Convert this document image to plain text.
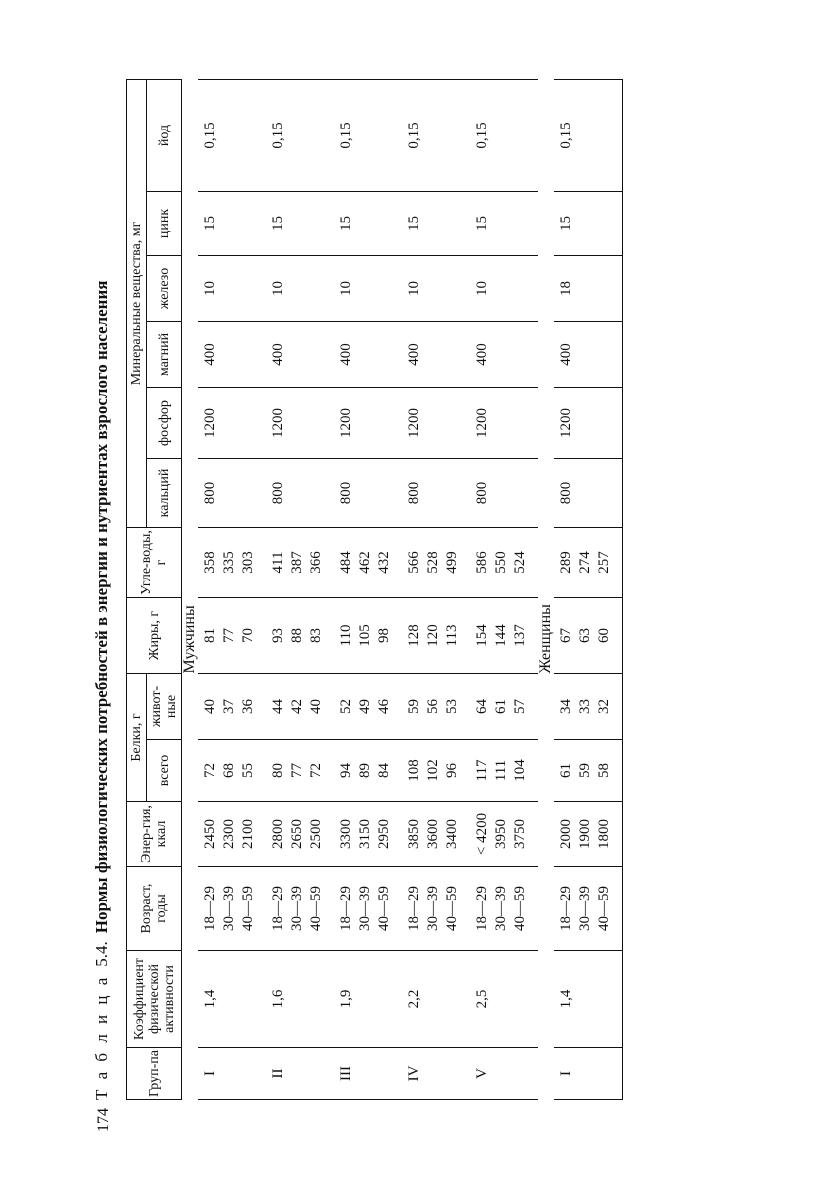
174
Т а б л и ц а5.4.Нормы физиологических потребностей в энергии и нутриентах взрослого населения
Груп-па	Коэффициент физической активности	Возраст, годы	Энер-гия, ккал	Белки, г		Жиры, г	Угле-воды, г	Минеральные вещества, мг					
				всего	живот-ные			кальций	фосфор	магний	железо	цинк	йод
						Мужчины							
I	1,4	18—29 30—39 40—59	2450 2300 2100	72 68 55	40 37 36	81 77 70	358 335 303	800	1200	400	10	15	0,15
II	1,6	18—29 30—39 40—59	2800 2650 2500	80 77 72	44 42 40	93 88 83	411 387 366	800	1200	400	10	15	0,15
III	1,9	18—29 30—39 40—59	3300 3150 2950	94 89 84	52 49 46	110 105 98	484 462 432	800	1200	400	10	15	0,15
IV	2,2	18—29 30—39 40—59	3850 3600 3400	108 102 96	59 56 53	128 120 113	566 528 499	800	1200	400	10	15	0,15
V	2,5	18—29 30—39 40—59	< 4200 3950 3750	117 111 104	64 61 57	154 144 137	586 550 524	800	1200	400	10	15	0,15
						Женщины							
I	1,4	18—29 30—39 40—59	2000 1900 1800	61 59 58	34 33 32	67 63 60	289 274 257	800	1200	400	18	15	0,15
